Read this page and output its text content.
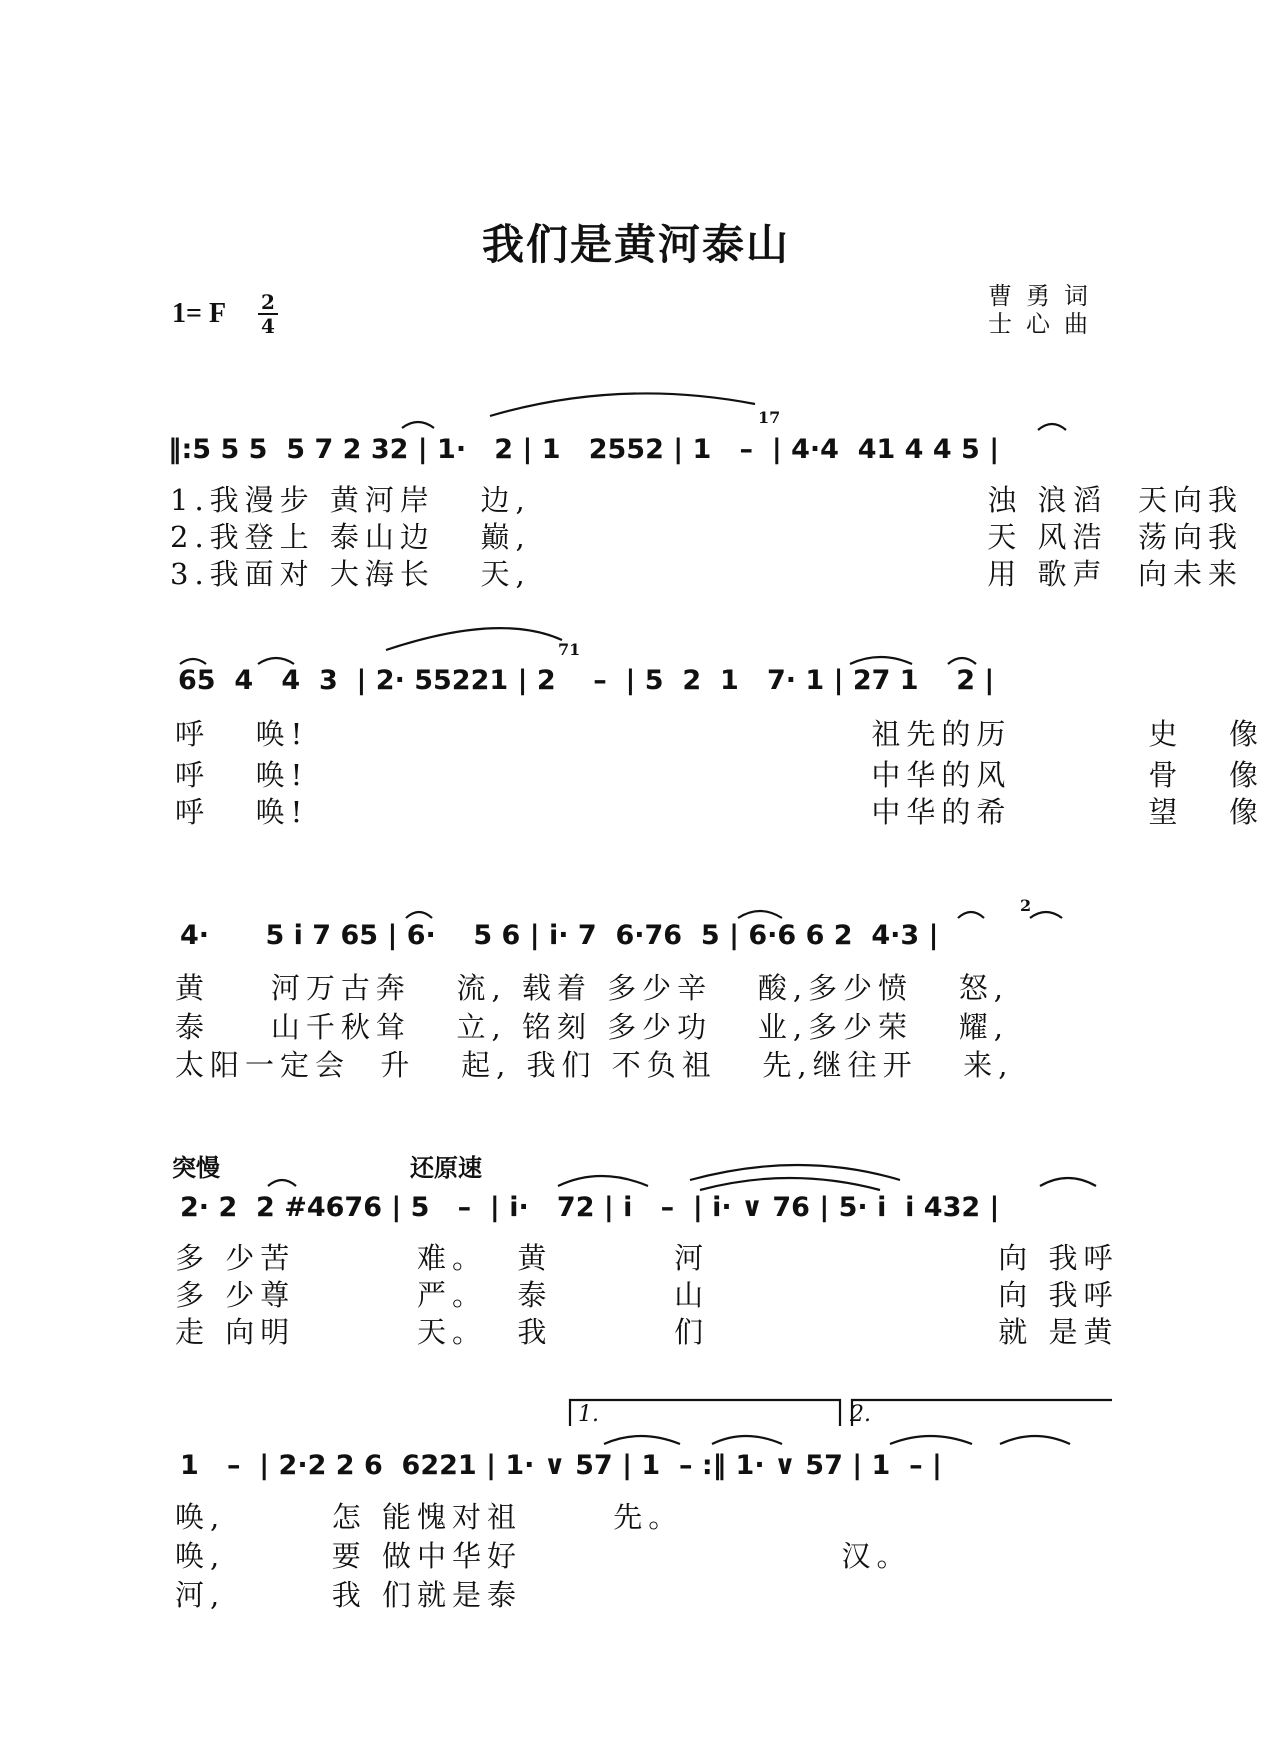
我们是黄河泰山
1= F 2
4
曹勇词
士心曲
‖:5 5 5  5 7 2 32 | 1·   2 | 1   2552 | 1   –  | 4·4  41 4 4 5 |
17
1.我漫步 黄河岸   边,                              浊 浪滔  天向我
2.我登上 泰山边   巅,                              天 风浩  荡向我
3.我面对 大海长   天,                              用 歌声  向未来
65  4   4  3  | 2· 55221 | 2    –  | 5  2  1   7· 1 | 27 1    2 |
71
呼   唤!                                     祖先的历         史   像
呼   唤!                                     中华的风         骨   像
呼   唤!                                     中华的希         望   像
4·      5 i 7 65 | 6·    5 6 | i· 7  6·76  5 | 6·6 6 2  4·3 |
2
黄    河万古奔   流, 载着 多少辛   酸,多少愤   怒,
泰    山千秋耸   立, 铭刻 多少功   业,多少荣   耀,
太阳一定会  升   起, 我们 不负祖   先,继往开   来,
突慢	还原速
2· 2  2 #4676 | 5   –  | i·   72 | i   –  | i· ∨ 76 | 5· i  i 432 |
多 少苦        难。  黄        河                   向 我呼
多 少尊        严。  泰        山                   向 我呼
走 向明        天。  我        们                   就 是黄
1.	2.
1   –  | 2·2 2 6  6221 | 1· ∨ 57 | 1  – :‖ 1· ∨ 57 | 1  – |
唤,       怎 能愧对祖      先。
唤,       要 做中华好                     汉。
河,       我 们就是泰
